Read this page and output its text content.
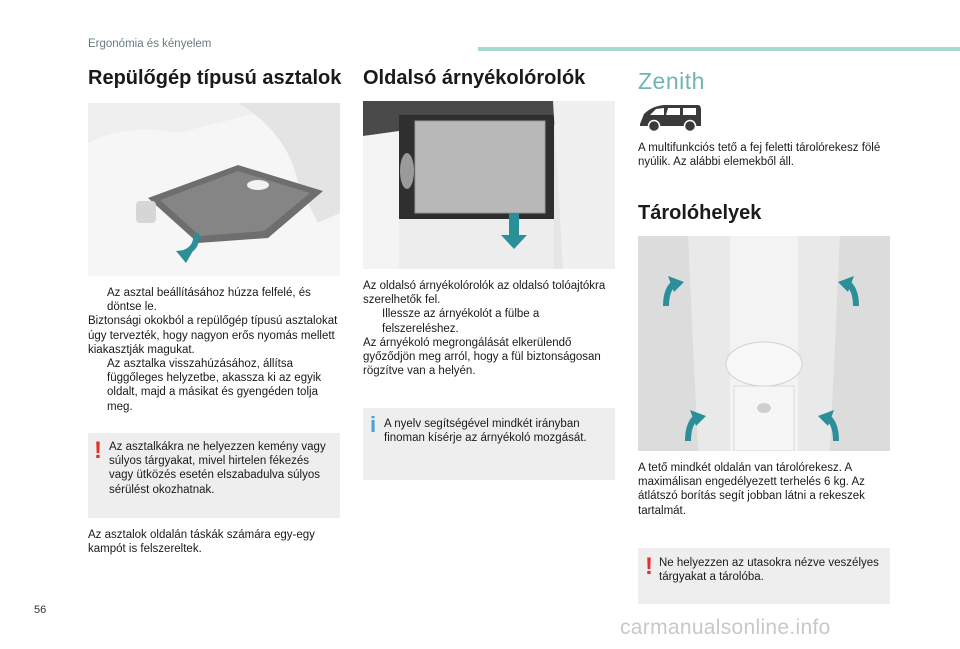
Ergonómia és kényelem
Repülőgép típusú asztalok

Az asztal beállításához húzza felfelé, és döntse le.

Biztonsági okokból a repülőgép típusú asztalokat úgy tervezték, hogy nagyon erős nyomás mellett kiakasztják magukat.

Az asztalka visszahúzásához, állítsa függőleges helyzetbe, akassza ki az egyik oldalt, majd a másikat és gyengéden tolja meg.

! Az asztalkákra ne helyezzen kemény vagy súlyos tárgyakat, mivel hirtelen fékezés vagy ütközés esetén elszabadulva súlyos sérülést okozhatnak.

Az asztalok oldalán táskák számára egy-egy kampót is felszereltek.

Oldalsó árnyékolórolók

Az oldalsó árnyékolórolók az oldalsó tolóajtókra szerelhetők fel.

Illessze az árnyékolót a fülbe a felszereléshez.

Az árnyékoló megrongálását elkerülendő győződjön meg arról, hogy a fül biztonságosan rögzítve van a helyén.

i A nyelv segítségével mindkét irányban finoman kísérje az árnyékoló mozgását.

Zenith

A multifunkciós tető a fej feletti tárolórekesz fölé nyúlik. Az alábbi elemekből áll.

Tárolóhelyek

A tető mindkét oldalán van tárolórekesz. A maximálisan engedélyezett terhelés 6 kg. Az átlátszó borítás segít jobban látni a rekeszek tartalmát.

! Ne helyezzen az utasokra nézve veszélyes tárgyakat a tárolóba.

56
carmanualsonline.info
